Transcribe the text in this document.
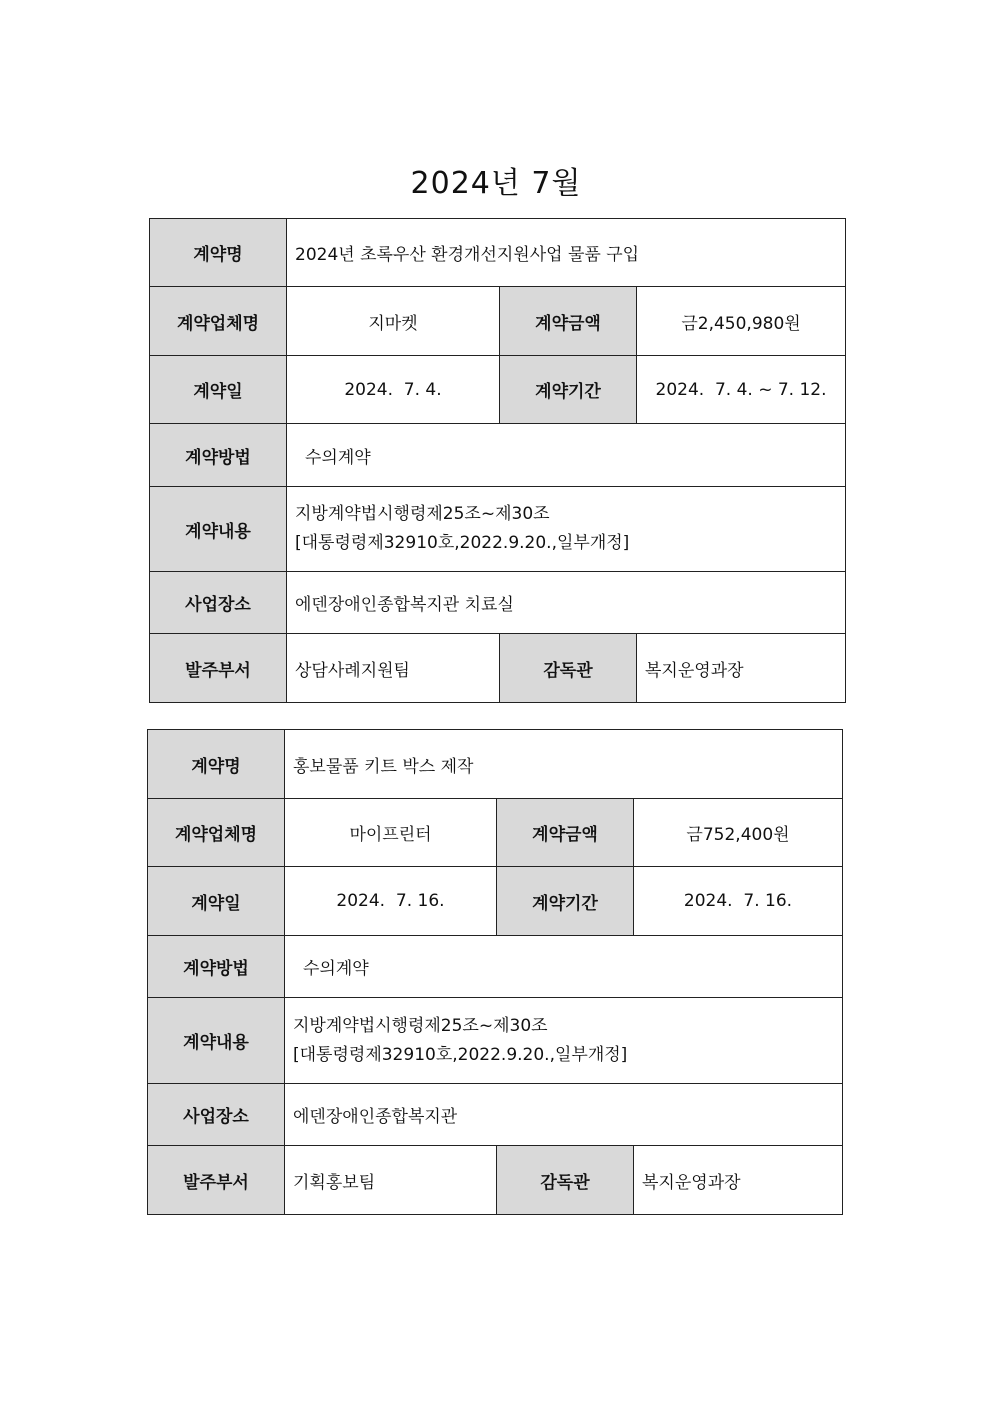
2024년 7월
계약명	2024년 초록우산 환경개선지원사업 물품 구입		
계약업체명	지마켓	계약금액	금2,450,980원
계약일	2024.  7. 4.	계약기간	2024.  7. 4. ~ 7. 12.
계약방법	수의계약		
계약내용	지방계약법시행령제25조~제30조
[대통령령제32910호,2022.9.20.,일부개정]		

사업장소	에덴장애인종합복지관 치료실		
발주부서	상담사례지원팀	감독관	복지운영과장
계약명	홍보물품 키트 박스 제작		
계약업체명	마이프린터	계약금액	금752,400원
계약일	2024.  7. 16.	계약기간	2024.  7. 16.
계약방법	수의계약		
계약내용	지방계약법시행령제25조~제30조
[대통령령제32910호,2022.9.20.,일부개정]		

사업장소	에덴장애인종합복지관		
발주부서	기획홍보팀	감독관	복지운영과장
